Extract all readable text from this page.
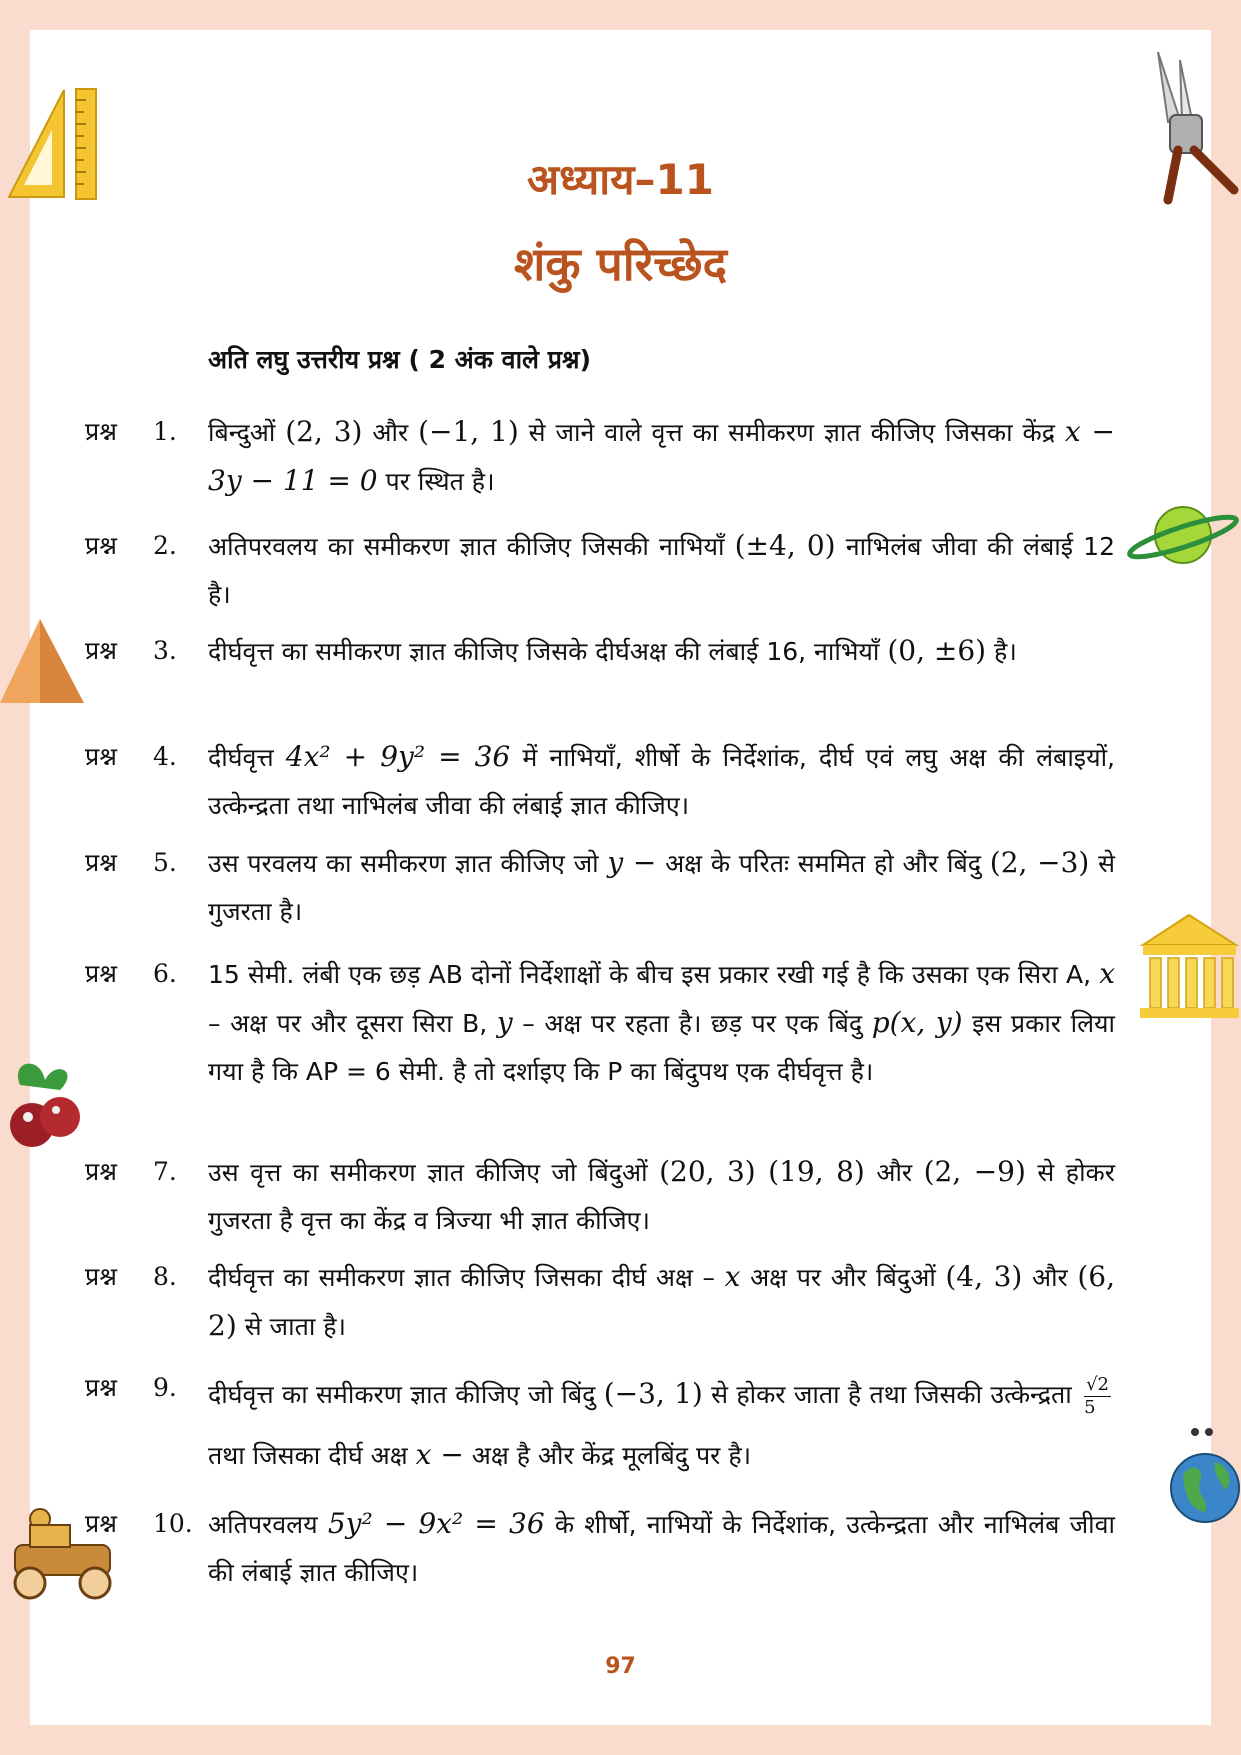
अध्याय–11
शंकु परिच्छेद
अति लघु उत्तरीय प्रश्न ( 2 अंक वाले प्रश्न)
प्रश्न 1.	बिन्दुओं (2, 3) और (−1, 1) से जाने वाले वृत्त का समीकरण ज्ञात कीजिए जिसका केंद्र x − 3y − 11 = 0 पर स्थित है।
प्रश्न 2.	अतिपरवलय का समीकरण ज्ञात कीजिए जिसकी नाभियाँ (±4, 0) नाभिलंब जीवा की लंबाई 12 है।
प्रश्न 3.	दीर्घवृत्त का समीकरण ज्ञात कीजिए जिसके दीर्घअक्ष की लंबाई 16, नाभियाँ (0, ±6) है।
प्रश्न 4.	दीर्घवृत्त 4x² + 9y² = 36 में नाभियाँ, शीर्षो के निर्देशांक, दीर्घ एवं लघु अक्ष की लंबाइयों, उत्केन्द्रता तथा नाभिलंब जीवा की लंबाई ज्ञात कीजिए।
प्रश्न 5.	उस परवलय का समीकरण ज्ञात कीजिए जो y − अक्ष के परितः सममित हो और बिंदु (2, −3) से गुजरता है।
प्रश्न 6.	15 सेमी. लंबी एक छड़ AB दोनों निर्देशाक्षों के बीच इस प्रकार रखी गई है कि उसका एक सिरा A, x – अक्ष पर और दूसरा सिरा B, y – अक्ष पर रहता है। छड़ पर एक बिंदु p(x, y) इस प्रकार लिया गया है कि AP = 6 सेमी. है तो दर्शाइए कि P का बिंदुपथ एक दीर्घवृत्त है।
प्रश्न 7.	उस वृत्त का समीकरण ज्ञात कीजिए जो बिंदुओं (20, 3) (19, 8) और (2, −9) से होकर गुजरता है वृत्त का केंद्र व त्रिज्या भी ज्ञात कीजिए।
प्रश्न 8.	दीर्घवृत्त का समीकरण ज्ञात कीजिए जिसका दीर्घ अक्ष – x अक्ष पर और बिंदुओं (4, 3) और (6, 2) से जाता है।
प्रश्न 9.	दीर्घवृत्त का समीकरण ज्ञात कीजिए जो बिंदु (−3, 1) से होकर जाता है तथा जिसकी उत्केन्द्रता $\frac{√2}{5}$
तथा जिसका दीर्घ अक्ष x − अक्ष है और केंद्र मूलबिंदु पर है।
प्रश्न 10. अतिपरवलय 5y² − 9x² = 36 के शीर्षो, नाभियों के निर्देशांक, उत्केन्द्रता और नाभिलंब जीवा की लंबाई ज्ञात कीजिए।
97
